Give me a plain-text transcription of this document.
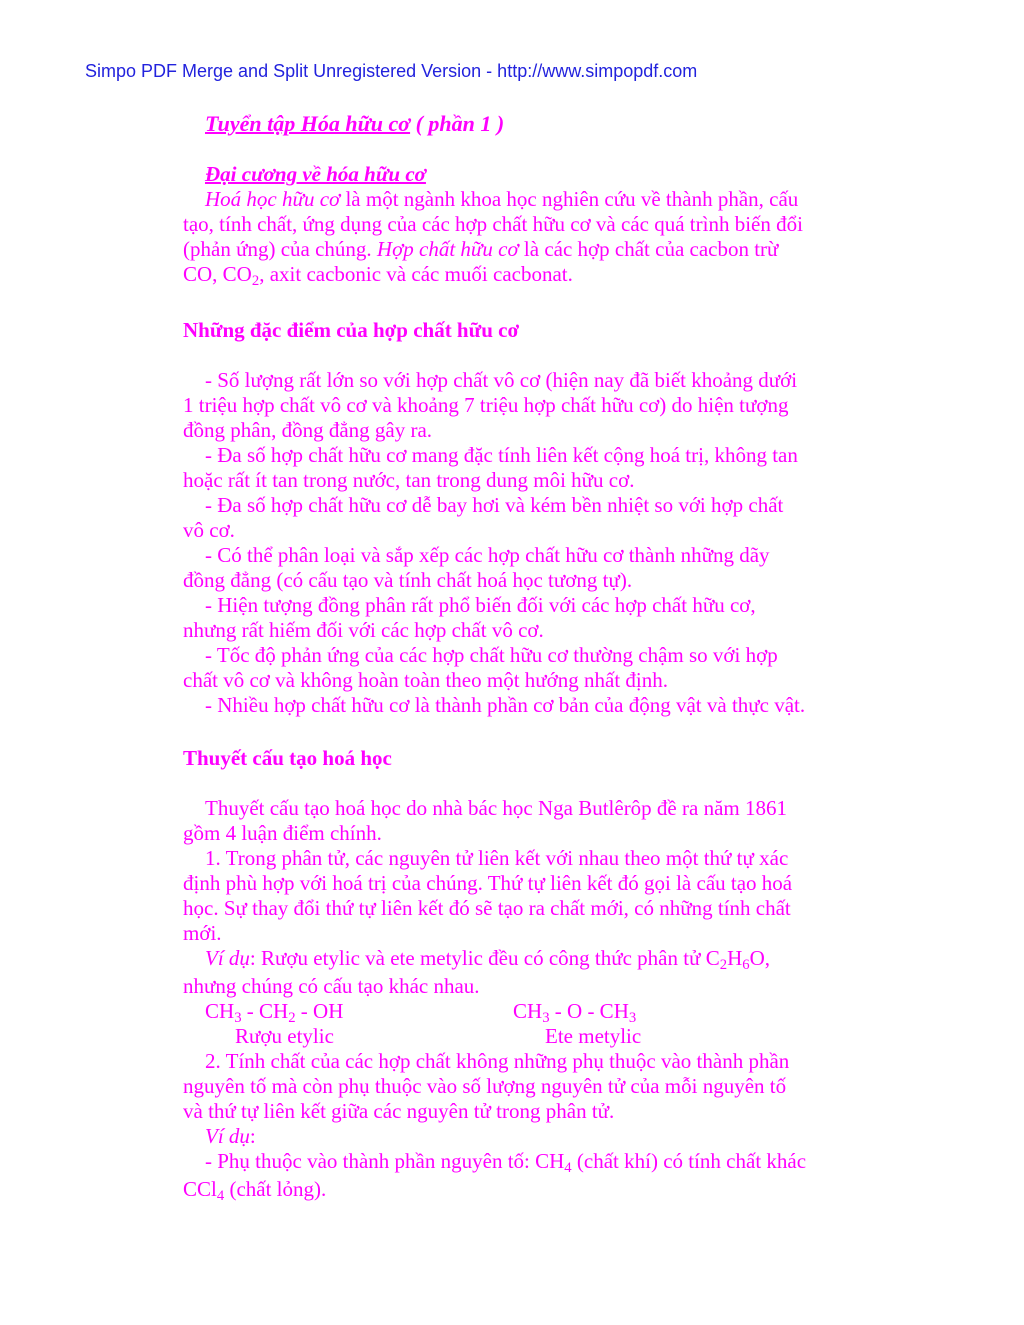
Simpo PDF Merge and Split Unregistered Version - http://www.simpopdf.com
Tuyển tập Hóa hữu cơ ( phần 1 )
Đại cương về hóa hữu cơ
Hoá học hữu cơ là một ngành khoa học nghiên cứu về thành phần, cấu
tạo, tính chất, ứng dụng của các hợp chất hữu cơ và các quá trình biến đổi
(phản ứng) của chúng. Hợp chất hữu cơ là các hợp chất của cacbon trừ
CO, CO2, axit cacbonic và các muối cacbonat.
Những đặc điểm của hợp chất hữu cơ
- Số lượng rất lớn so với hợp chất vô cơ (hiện nay đã biết khoảng dưới
1 triệu hợp chất vô cơ và khoảng 7 triệu hợp chất hữu cơ) do hiện tượng
đồng phân, đồng đẳng gây ra.
- Đa số hợp chất hữu cơ mang đặc tính liên kết cộng hoá trị, không tan
hoặc rất ít tan trong nước, tan trong dung môi hữu cơ.
- Đa số hợp chất hữu cơ dễ bay hơi và kém bền nhiệt so với hợp chất
vô cơ.
- Có thể phân loại và sắp xếp các hợp chất hữu cơ thành những dãy
đồng đẳng (có cấu tạo và tính chất hoá học tương tự).
- Hiện tượng đồng phân rất phổ biến đối với các hợp chất hữu cơ,
nhưng rất hiếm đối với các hợp chất vô cơ.
- Tốc độ phản ứng của các hợp chất hữu cơ thường chậm so với hợp
chất vô cơ và không hoàn toàn theo một hướng nhất định.
- Nhiều hợp chất hữu cơ là thành phần cơ bản của động vật và thực vật.
Thuyết cấu tạo hoá học
Thuyết cấu tạo hoá học do nhà bác học Nga Butlêrôp đề ra năm 1861
gồm 4 luận điểm chính.
1. Trong phân tử, các nguyên tử liên kết với nhau theo một thứ tự xác
định phù hợp với hoá trị của chúng. Thứ tự liên kết đó gọi là cấu tạo hoá
học. Sự thay đổi thứ tự liên kết đó sẽ tạo ra chất mới, có những tính chất
mới.
Ví dụ: Rượu etylic và ete metylic đều có công thức phân tử C2H6O,
nhưng chúng có cấu tạo khác nhau.
CH3 - CH2 - OH	CH3 - O - CH3
Rượu etylic	Ete metylic
2. Tính chất của các hợp chất không những phụ thuộc vào thành phần
nguyên tố mà còn phụ thuộc vào số lượng nguyên tử của mỗi nguyên tố
và thứ tự liên kết giữa các nguyên tử trong phân tử.
Ví dụ:
- Phụ thuộc vào thành phần nguyên tố: CH4 (chất khí) có tính chất khác
CCl4 (chất lỏng).
